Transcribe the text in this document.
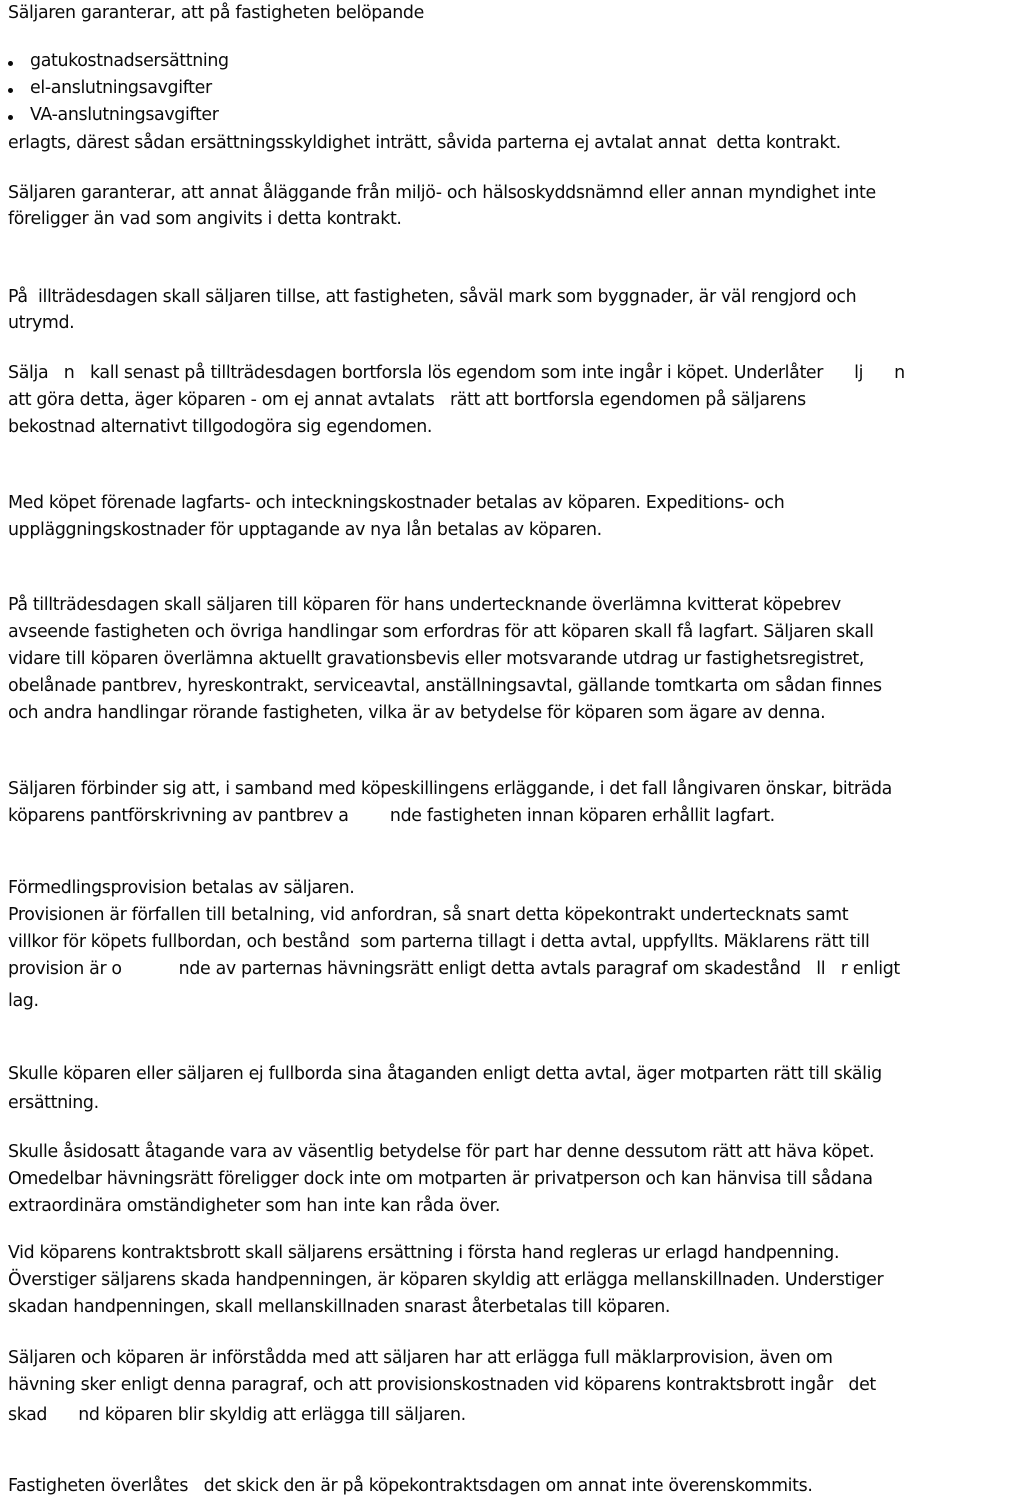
Säljaren garanterar, att på fastigheten belöpande
gatukostnadsersättning
el-anslutningsavgifter
VA-anslutningsavgifter
erlagts, därest sådan ersättningsskyldighet inträtt, såvida parterna ej avtalat annat  detta kontrakt.
Säljaren garanterar, att annat åläggande från miljö- och hälsoskyddsnämnd eller annan myndighet inte
föreligger än vad som angivits i detta kontrakt.
På  illträdesdagen skall säljaren tillse, att fastigheten, såväl mark som byggnader, är väl rengjord och
utrymd.
Sälja   n   kall senast på tillträdesdagen bortforsla lös egendom som inte ingår i köpet. Underlåter      lj      n
att göra detta, äger köparen - om ej annat avtalats   rätt att bortforsla egendomen på säljarens
bekostnad alternativt tillgodogöra sig egendomen.
Med köpet förenade lagfarts- och inteckningskostnader betalas av köparen. Expeditions- och
uppläggningskostnader för upptagande av nya lån betalas av köparen.
På tillträdesdagen skall säljaren till köparen för hans undertecknande överlämna kvitterat köpebrev
avseende fastigheten och övriga handlingar som erfordras för att köparen skall få lagfart. Säljaren skall
vidare till köparen överlämna aktuellt gravationsbevis eller motsvarande utdrag ur fastighetsregistret,
obelånade pantbrev, hyreskontrakt, serviceavtal, anställningsavtal, gällande tomtkarta om sådan finnes
och andra handlingar rörande fastigheten, vilka är av betydelse för köparen som ägare av denna.
Säljaren förbinder sig att, i samband med köpeskillingens erläggande, i det fall långivaren önskar, biträda
köparens pantförskrivning av pantbrev a        nde fastigheten innan köparen erhållit lagfart.
Förmedlingsprovision betalas av säljaren.
Provisionen är förfallen till betalning, vid anfordran, så snart detta köpekontrakt undertecknats samt
villkor för köpets fullbordan, och bestånd  som parterna tillagt i detta avtal, uppfyllts. Mäklarens rätt till
provision är o           nde av parternas hävningsrätt enligt detta avtals paragraf om skadestånd   ll   r enligt
lag.
Skulle köparen eller säljaren ej fullborda sina åtaganden enligt detta avtal, äger motparten rätt till skälig
ersättning.
Skulle åsidosatt åtagande vara av väsentlig betydelse för part har denne dessutom rätt att häva köpet.
Omedelbar hävningsrätt föreligger dock inte om motparten är privatperson och kan hänvisa till sådana
extraordinära omständigheter som han inte kan råda över.
Vid köparens kontraktsbrott skall säljarens ersättning i första hand regleras ur erlagd handpenning.
Överstiger säljarens skada handpenningen, är köparen skyldig att erlägga mellanskillnaden. Understiger
skadan handpenningen, skall mellanskillnaden snarast återbetalas till köparen.
Säljaren och köparen är införstådda med att säljaren har att erlägga full mäklarprovision, även om
hävning sker enligt denna paragraf, och att provisionskostnaden vid köparens kontraktsbrott ingår   det
skad      nd köparen blir skyldig att erlägga till säljaren.
Fastigheten överlåtes   det skick den är på köpekontraktsdagen om annat inte överenskommits.
